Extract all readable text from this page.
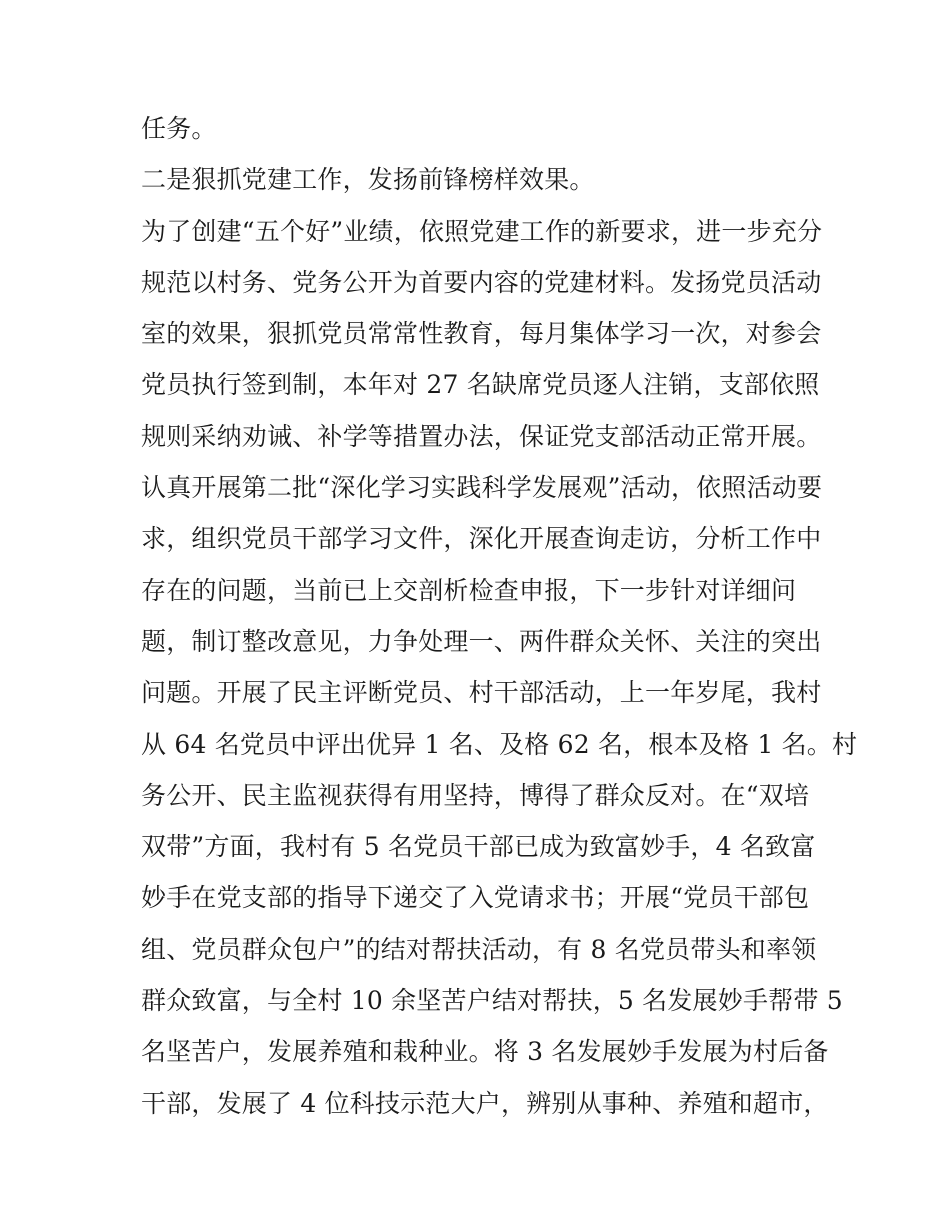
任务。
二是狠抓党建工作，发扬前锋榜样效果。
为了创建“五个好”业绩，依照党建工作的新要求，进一步充分
规范以村务、党务公开为首要内容的党建材料。发扬党员活动
室的效果，狠抓党员常常性教育，每月集体学习一次，对参会
党员执行签到制，本年对 27 名缺席党员逐人注销，支部依照
规则采纳劝诫、补学等措置办法，保证党支部活动正常开展。
认真开展第二批“深化学习实践科学发展观”活动，依照活动要
求，组织党员干部学习文件，深化开展查询走访，分析工作中
存在的问题，当前已上交剖析检查申报，下一步针对详细问
题，制订整改意见，力争处理一、两件群众关怀、关注的突出
问题。开展了民主评断党员、村干部活动，上一年岁尾，我村
从 64 名党员中评出优异 1 名、及格 62 名，根本及格 1 名。村
务公开、民主监视获得有用坚持，博得了群众反对。在“双培
双带”方面，我村有 5 名党员干部已成为致富妙手，4 名致富
妙手在党支部的指导下递交了入党请求书；开展“党员干部包
组、党员群众包户”的结对帮扶活动，有 8 名党员带头和率领
群众致富，与全村 10 余坚苦户结对帮扶，5 名发展妙手帮带 5
名坚苦户，发展养殖和栽种业。将 3 名发展妙手发展为村后备
干部，发展了 4 位科技示范大户，辨别从事种、养殖和超市，
